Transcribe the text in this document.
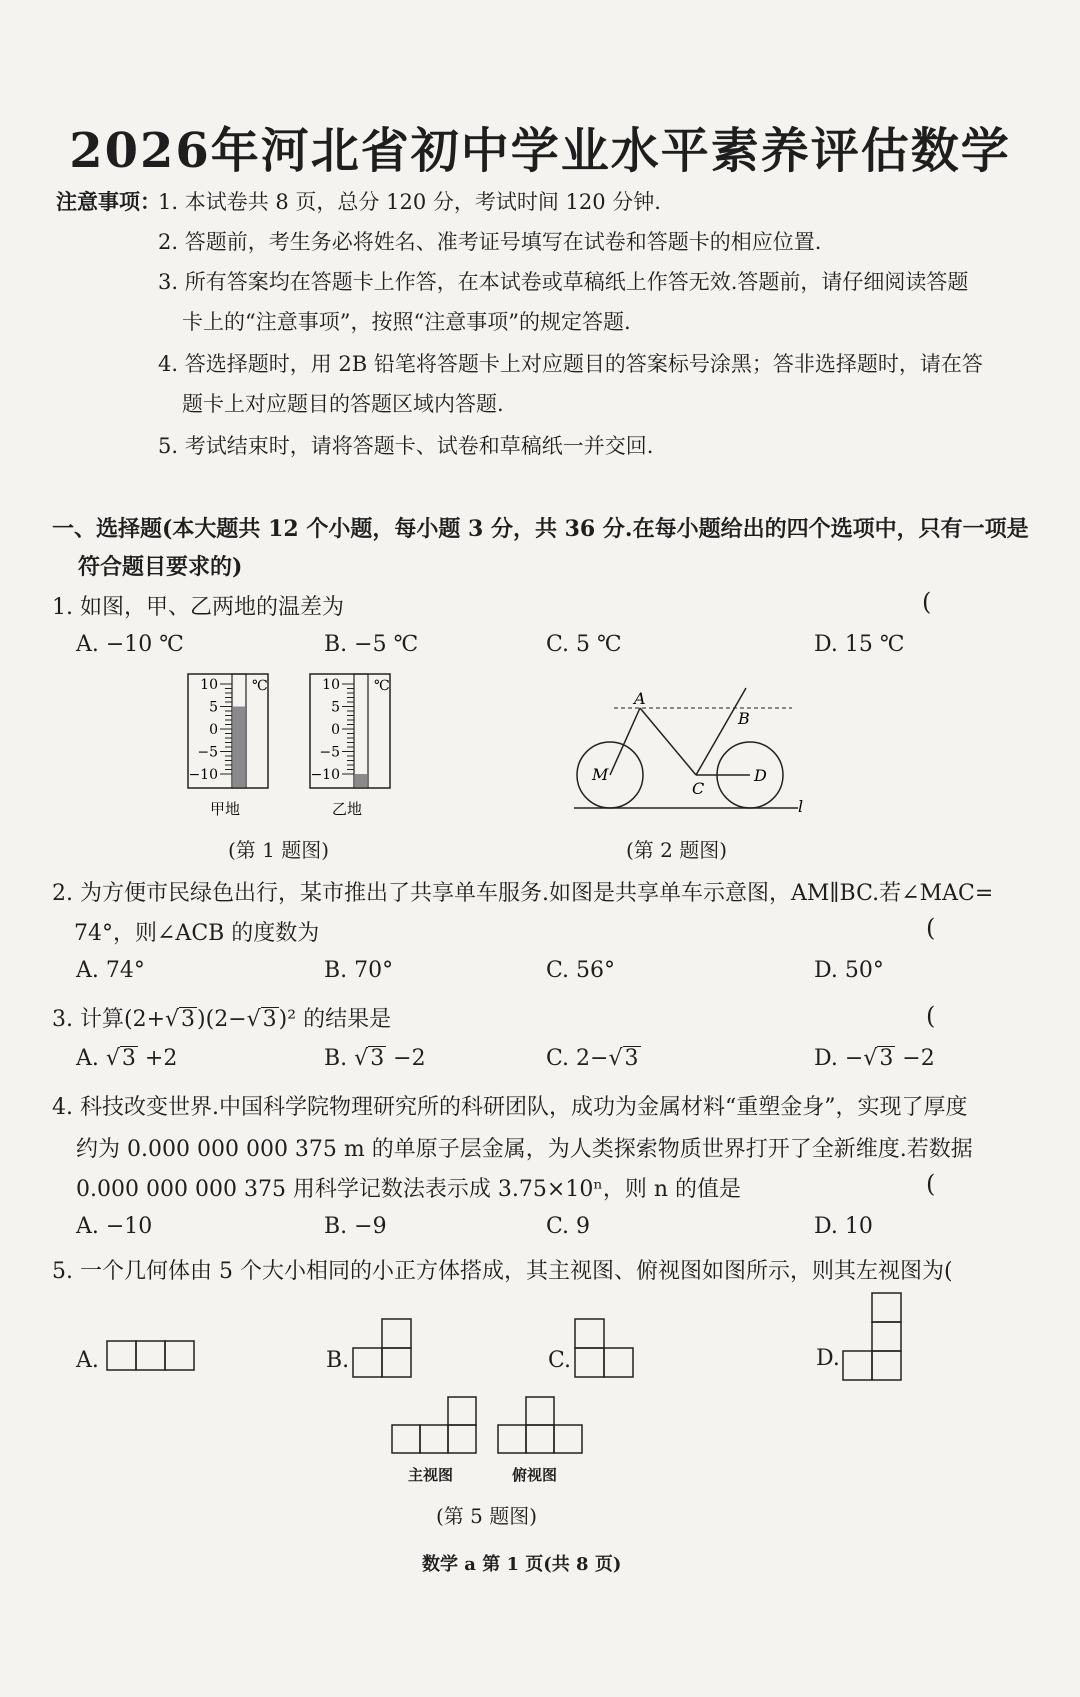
2026年河北省初中学业水平素养评估数学
注意事项：
1. 本试卷共 8 页，总分 120 分，考试时间 120 分钟.
2. 答题前，考生务必将姓名、准考证号填写在试卷和答题卡的相应位置.
3. 所有答案均在答题卡上作答，在本试卷或草稿纸上作答无效.答题前，请仔细阅读答题
卡上的“注意事项”，按照“注意事项”的规定答题.
4. 答选择题时，用 2B 铅笔将答题卡上对应题目的答案标号涂黑；答非选择题时，请在答
题卡上对应题目的答题区域内答题.
5. 考试结束时，请将答题卡、试卷和草稿纸一并交回.
一、选择题(本大题共 12 个小题，每小题 3 分，共 36 分.在每小题给出的四个选项中，只有一项是
符合题目要求的)
1. 如图，甲、乙两地的温差为	(
A. −10 ℃	B. −5 ℃	C. 5 ℃	D. 15 ℃
℃
10
5
0
−5
−10
℃
10
5
0
−5
−10
甲地	乙地
A
B
C
D
M
l
(第 1 题图)	(第 2 题图)
2. 为方便市民绿色出行，某市推出了共享单车服务.如图是共享单车示意图，AM∥BC.若∠MAC=
74°，则∠ACB 的度数为	(
A. 74°	B. 70°	C. 56°	D. 50°
3. 计算(2+√3)(2−√3)² 的结果是	(
A. √3 +2	B. √3 −2	C. 2−√3	D. −√3 −2
4. 科技改变世界.中国科学院物理研究所的科研团队，成功为金属材料“重塑金身”，实现了厚度
约为 0.000 000 000 375 m 的单原子层金属，为人类探索物质世界打开了全新维度.若数据
0.000 000 000 375 用科学记数法表示成 3.75×10ⁿ，则 n 的值是	(
A. −10	B. −9	C. 9	D. 10
5. 一个几何体由 5 个大小相同的小正方体搭成，其主视图、俯视图如图所示，则其左视图为(
A.	B.	C.	D.
主视图	俯视图
(第 5 题图)
数学 a 第 1 页(共 8 页)
